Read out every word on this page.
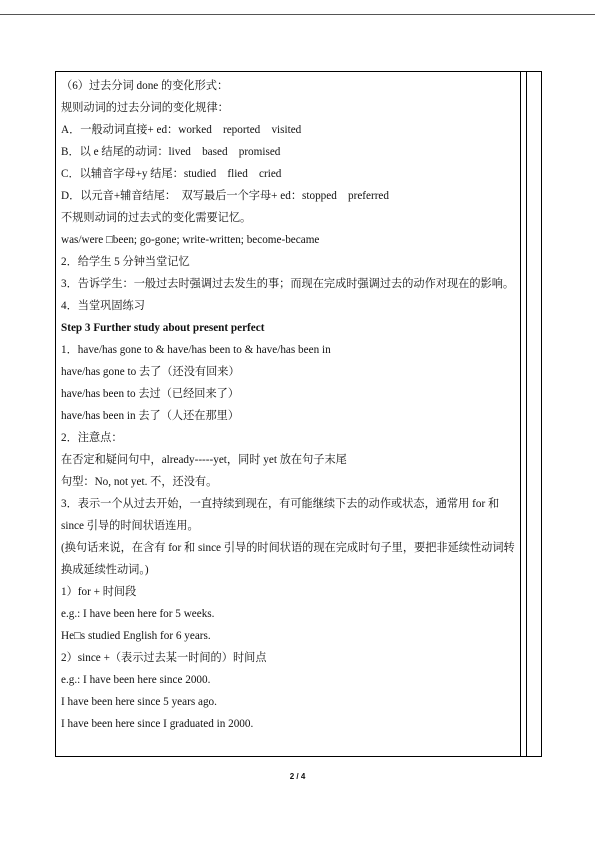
（6）过去分词 done 的变化形式：
规则动词的过去分词的变化规律：
A．一般动词直接+ ed：worked　reported　visited
B．以 e 结尾的动词：lived　based　promised
C．以辅音字母+y 结尾：studied　flied　cried
D．以元音+辅音结尾：　双写最后一个字母+ ed：stopped　preferred
不规则动词的过去式的变化需要记忆。
was/were □been; go-gone; write-written; become-became
2．给学生 5 分钟当堂记忆
3．告诉学生：一般过去时强调过去发生的事；而现在完成时强调过去的动作对现在的影响。
4．当堂巩固练习
Step 3 Further study about present perfect
1．have/has gone to & have/has been to & have/has been in
have/has gone to 去了（还没有回来）
have/has been to 去过（已经回来了）
have/has been in 去了（人还在那里）
2．注意点：
在否定和疑问句中，already-----yet，同时 yet 放在句子末尾
句型：No, not yet. 不，还没有。
3．表示一个从过去开始，一直持续到现在，有可能继续下去的动作或状态，通常用 for 和 since 引导的时间状语连用。
(换句话来说，在含有 for 和 since 引导的时间状语的现在完成时句子里，要把非延续性动词转换成延续性动词。)
1）for + 时间段
e.g.: I have been here for 5 weeks.
He□s studied English for 6 years.
2）since +（表示过去某一时间的）时间点
e.g.: I have been here since 2000.
I have been here since 5 years ago.
I have been here since I graduated in 2000.
2 / 4
